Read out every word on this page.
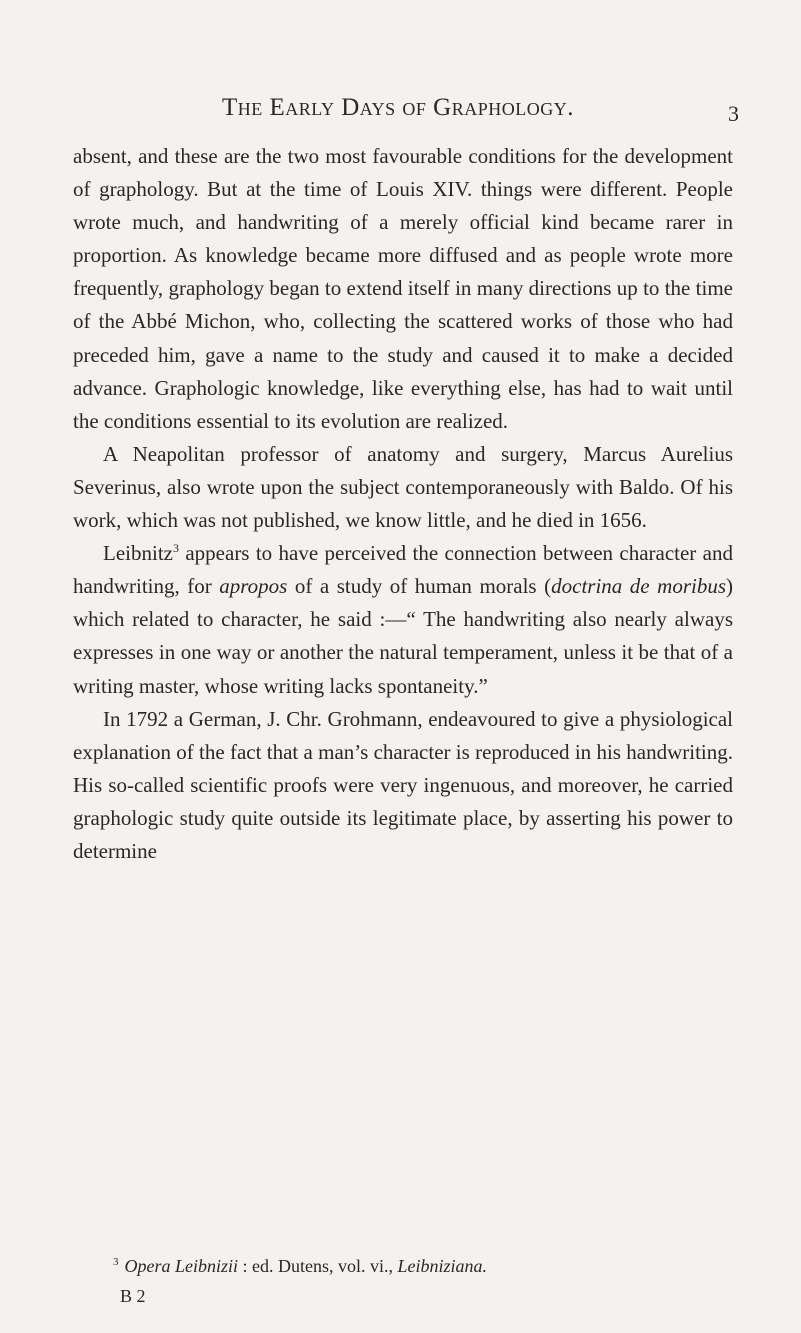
The Early Days of Graphology.	3

absent, and these are the two most favourable conditions for the development of graphology. But at the time of Louis XIV. things were different. People wrote much, and handwriting of a merely official kind became rarer in proportion. As knowledge became more diffused and as people wrote more frequently, graphology began to extend itself in many directions up to the time of the Abbé Michon, who, collecting the scattered works of those who had preceded him, gave a name to the study and caused it to make a decided advance. Graphologic knowledge, like everything else, has had to wait until the conditions essential to its evolution are realized.

A Neapolitan professor of anatomy and surgery, Marcus Aurelius Severinus, also wrote upon the subject contemporaneously with Baldo. Of his work, which was not published, we know little, and he died in 1656.

Leibnitz$^3$ appears to have perceived the connection between character and handwriting, for apropos of a study of human morals (doctrina de moribus) which related to character, he said :—“ The handwriting also nearly always expresses in one way or another the natural temperament, unless it be that of a writing master, whose writing lacks spontaneity.”

In 1792 a German, J. Chr. Grohmann, endeavoured to give a physiological explanation of the fact that a man’s character is reproduced in his handwriting. His so-called scientific proofs were very ingenuous, and moreover, he carried graphologic study quite outside its legitimate place, by asserting his power to determine

$^3$ Opera Leibnizii : ed. Dutens, vol. vi., Leibniziana.
B 2
